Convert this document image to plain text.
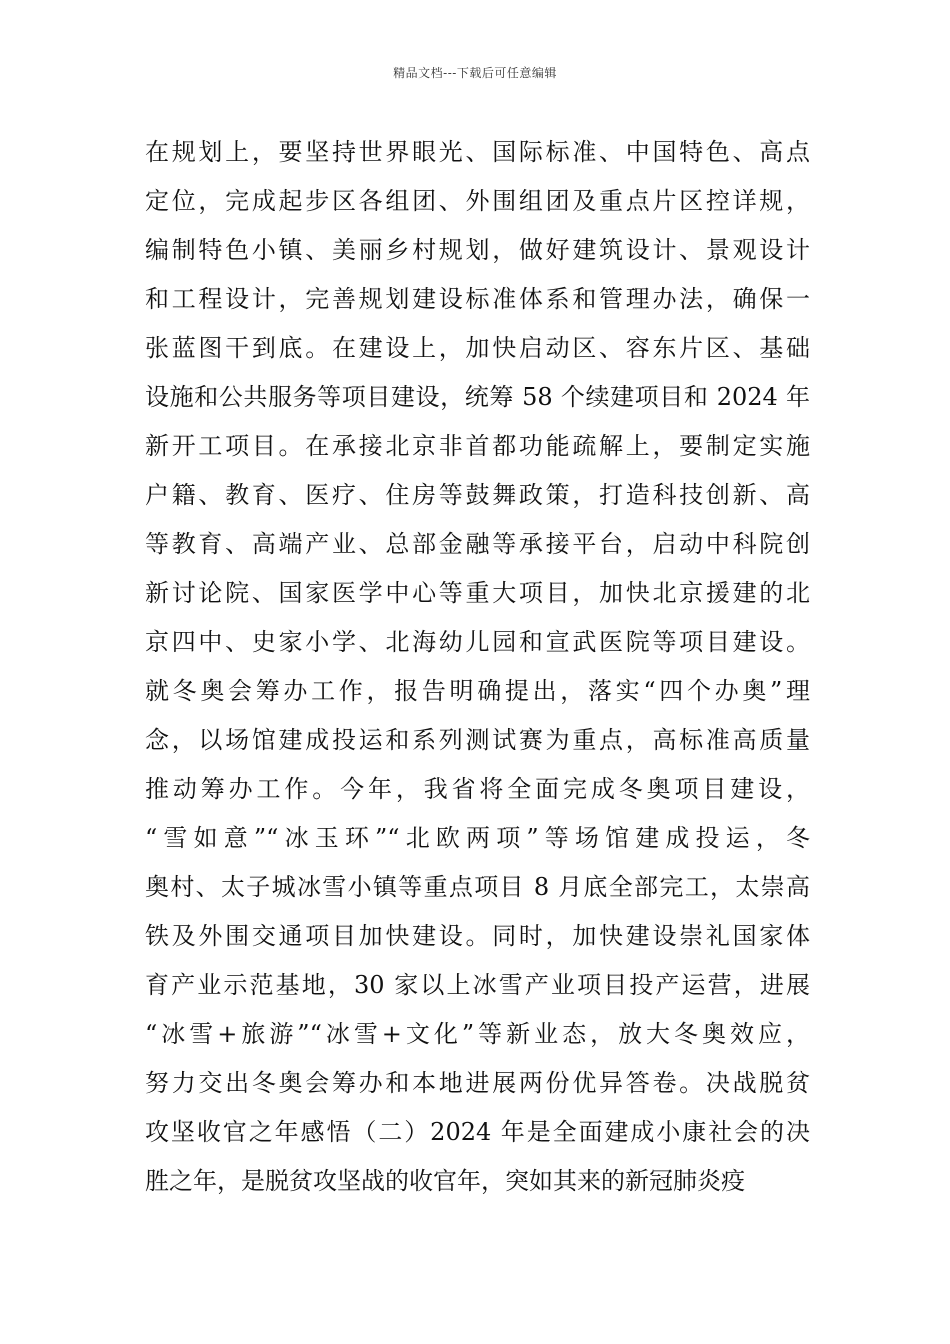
精品文档---下载后可任意编辑
在规划上，要坚持世界眼光、国际标准、中国特色、高点
定位，完成起步区各组团、外围组团及重点片区控详规，
编制特色小镇、美丽乡村规划，做好建筑设计、景观设计
和工程设计，完善规划建设标准体系和管理办法，确保一
张蓝图干到底。在建设上，加快启动区、容东片区、基础
设施和公共服务等项目建设，统筹 58 个续建项目和 2024 年
新开工项目。在承接北京非首都功能疏解上，要制定实施
户籍、教育、医疗、住房等鼓舞政策，打造科技创新、高
等教育、高端产业、总部金融等承接平台，启动中科院创
新讨论院、国家医学中心等重大项目，加快北京援建的北
京四中、史家小学、北海幼儿园和宣武医院等项目建设。
就冬奥会筹办工作，报告明确提出，落实“四个办奥”理
念，以场馆建成投运和系列测试赛为重点，高标准高质量
推动筹办工作。今年，我省将全面完成冬奥项目建设，
“雪如意”“冰玉环”“北欧两项”等场馆建成投运，冬
奥村、太子城冰雪小镇等重点项目 8 月底全部完工，太崇高
铁及外围交通项目加快建设。同时，加快建设崇礼国家体
育产业示范基地，30 家以上冰雪产业项目投产运营，进展
“冰雪+旅游”“冰雪+文化”等新业态，放大冬奥效应，
努力交出冬奥会筹办和本地进展两份优异答卷。决战脱贫
攻坚收官之年感悟（二）2024 年是全面建成小康社会的决
胜之年，是脱贫攻坚战的收官年，突如其来的新冠肺炎疫
